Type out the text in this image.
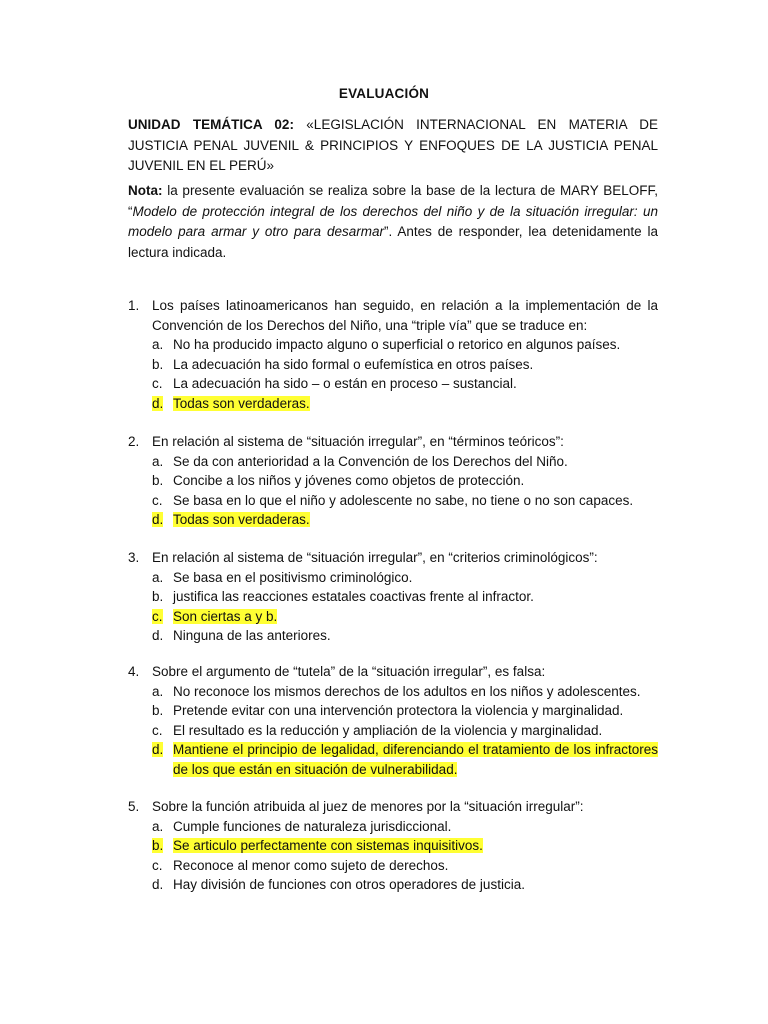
EVALUACIÓN
UNIDAD TEMÁTICA 02: «LEGISLACIÓN INTERNACIONAL EN MATERIA DE JUSTICIA PENAL JUVENIL & PRINCIPIOS Y ENFOQUES DE LA JUSTICIA PENAL JUVENIL EN EL PERÚ»
Nota: la presente evaluación se realiza sobre la base de la lectura de MARY BELOFF, “Modelo de protección integral de los derechos del niño y de la situación irregular: un modelo para armar y otro para desarmar”. Antes de responder, lea detenidamente la lectura indicada.
1. Los países latinoamericanos han seguido, en relación a la implementación de la Convención de los Derechos del Niño, una “triple vía” que se traduce en:
a. No ha producido impacto alguno o superficial o retorico en algunos países.
b. La adecuación ha sido formal o eufemística en otros países.
c. La adecuación ha sido – o están en proceso – sustancial.
d. Todas son verdaderas.
2. En relación al sistema de “situación irregular”, en “términos teóricos”:
a. Se da con anterioridad a la Convención de los Derechos del Niño.
b. Concibe a los niños y jóvenes como objetos de protección.
c. Se basa en lo que el niño y adolescente no sabe, no tiene o no son capaces.
d. Todas son verdaderas.
3. En relación al sistema de “situación irregular”, en “criterios criminológicos”:
a. Se basa en el positivismo criminológico.
b. justifica las reacciones estatales coactivas frente al infractor.
c. Son ciertas a y b.
d. Ninguna de las anteriores.
4. Sobre el argumento de “tutela” de la “situación irregular”, es falsa:
a. No reconoce los mismos derechos de los adultos en los niños y adolescentes.
b. Pretende evitar con una intervención protectora la violencia y marginalidad.
c. El resultado es la reducción y ampliación de la violencia y marginalidad.
d. Mantiene el principio de legalidad, diferenciando el tratamiento de los infractores de los que están en situación de vulnerabilidad.
5. Sobre la función atribuida al juez de menores por la “situación irregular”:
a. Cumple funciones de naturaleza jurisdiccional.
b. Se articulo perfectamente con sistemas inquisitivos.
c. Reconoce al menor como sujeto de derechos.
d. Hay división de funciones con otros operadores de justicia.
